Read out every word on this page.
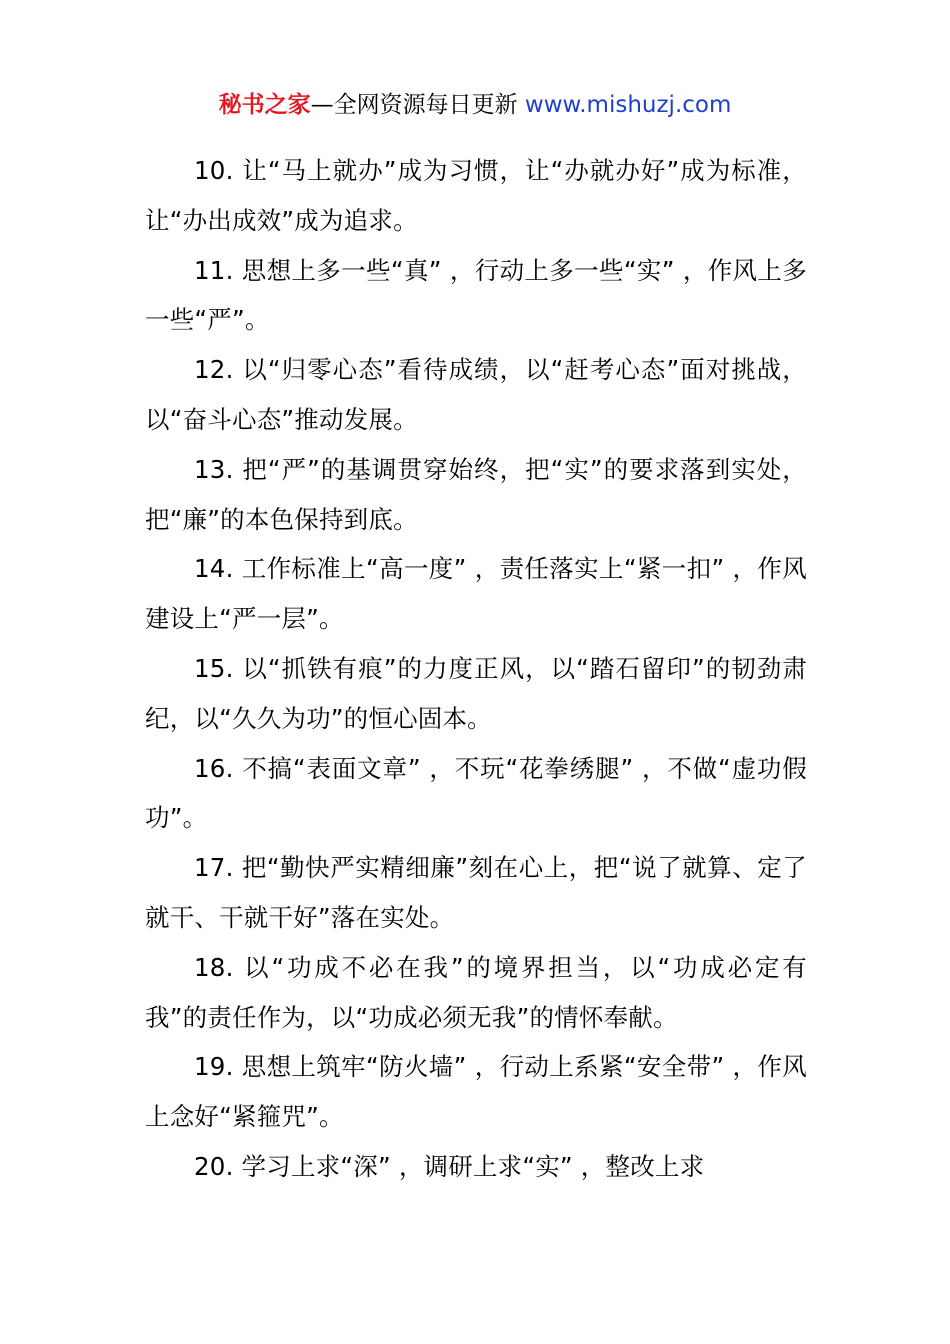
秘书之家—全网资源每日更新 www.mishuzj.com

10. 让“马上就办”成为习惯，让“办就办好”成为标准，让“办出成效”成为追求。

11. 思想上多一些“真” ，行动上多一些“实” ，作风上多一些“严”。

12. 以“归零心态”看待成绩，以“赶考心态”面对挑战，以“奋斗心态”推动发展。

13. 把“严”的基调贯穿始终，把“实”的要求落到实处，把“廉”的本色保持到底。

14. 工作标准上“高一度” ，责任落实上“紧一扣” ，作风建设上“严一层”。

15. 以“抓铁有痕”的力度正风，以“踏石留印”的韧劲肃纪，以“久久为功”的恒心固本。

16. 不搞“表面文章” ，不玩“花拳绣腿” ，不做“虚功假功”。

17. 把“勤快严实精细廉”刻在心上，把“说了就算、定了就干、干就干好”落在实处。

18. 以“功成不必在我”的境界担当，以“功成必定有我”的责任作为，以“功成必须无我”的情怀奉献。

19. 思想上筑牢“防火墙” ，行动上系紧“安全带” ，作风上念好“紧箍咒”。

20. 学习上求“深” ，调研上求“实” ，整改上求
